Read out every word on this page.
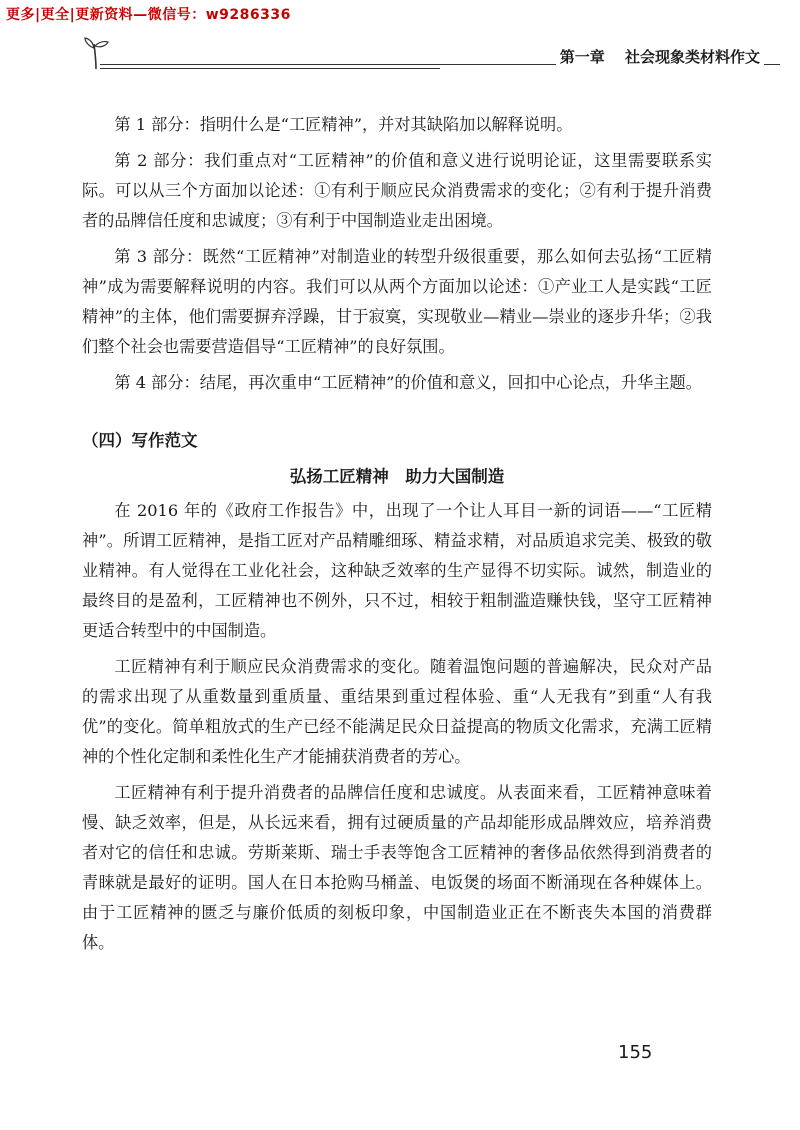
更多|更全|更新资料—微信号：w9286336
第一章　 社会现象类材料作文

第 1 部分：指明什么是“工匠精神”，并对其缺陷加以解释说明。

第 2 部分：我们重点对“工匠精神”的价值和意义进行说明论证，这里需要联系实际。可以从三个方面加以论述：①有利于顺应民众消费需求的变化；②有利于提升消费者的品牌信任度和忠诚度；③有利于中国制造业走出困境。

第 3 部分：既然“工匠精神”对制造业的转型升级很重要，那么如何去弘扬“工匠精神”成为需要解释说明的内容。我们可以从两个方面加以论述：①产业工人是实践“工匠精神”的主体，他们需要摒弃浮躁，甘于寂寞，实现敬业—精业—崇业的逐步升华；②我们整个社会也需要营造倡导“工匠精神”的良好氛围。

第 4 部分：结尾，再次重申“工匠精神”的价值和意义，回扣中心论点，升华主题。

（四）写作范文
弘扬工匠精神　助力大国制造

在 2016 年的《政府工作报告》中，出现了一个让人耳目一新的词语——“工匠精神”。所谓工匠精神，是指工匠对产品精雕细琢、精益求精，对品质追求完美、极致的敬业精神。有人觉得在工业化社会，这种缺乏效率的生产显得不切实际。诚然，制造业的最终目的是盈利，工匠精神也不例外，只不过，相较于粗制滥造赚快钱，坚守工匠精神更适合转型中的中国制造。

工匠精神有利于顺应民众消费需求的变化。随着温饱问题的普遍解决，民众对产品的需求出现了从重数量到重质量、重结果到重过程体验、重“人无我有”到重“人有我优”的变化。简单粗放式的生产已经不能满足民众日益提高的物质文化需求，充满工匠精神的个性化定制和柔性化生产才能捕获消费者的芳心。

工匠精神有利于提升消费者的品牌信任度和忠诚度。从表面来看，工匠精神意味着慢、缺乏效率，但是，从长远来看，拥有过硬质量的产品却能形成品牌效应，培养消费者对它的信任和忠诚。劳斯莱斯、瑞士手表等饱含工匠精神的奢侈品依然得到消费者的青睐就是最好的证明。国人在日本抢购马桶盖、电饭煲的场面不断涌现在各种媒体上。由于工匠精神的匮乏与廉价低质的刻板印象，中国制造业正在不断丧失本国的消费群体。

155
